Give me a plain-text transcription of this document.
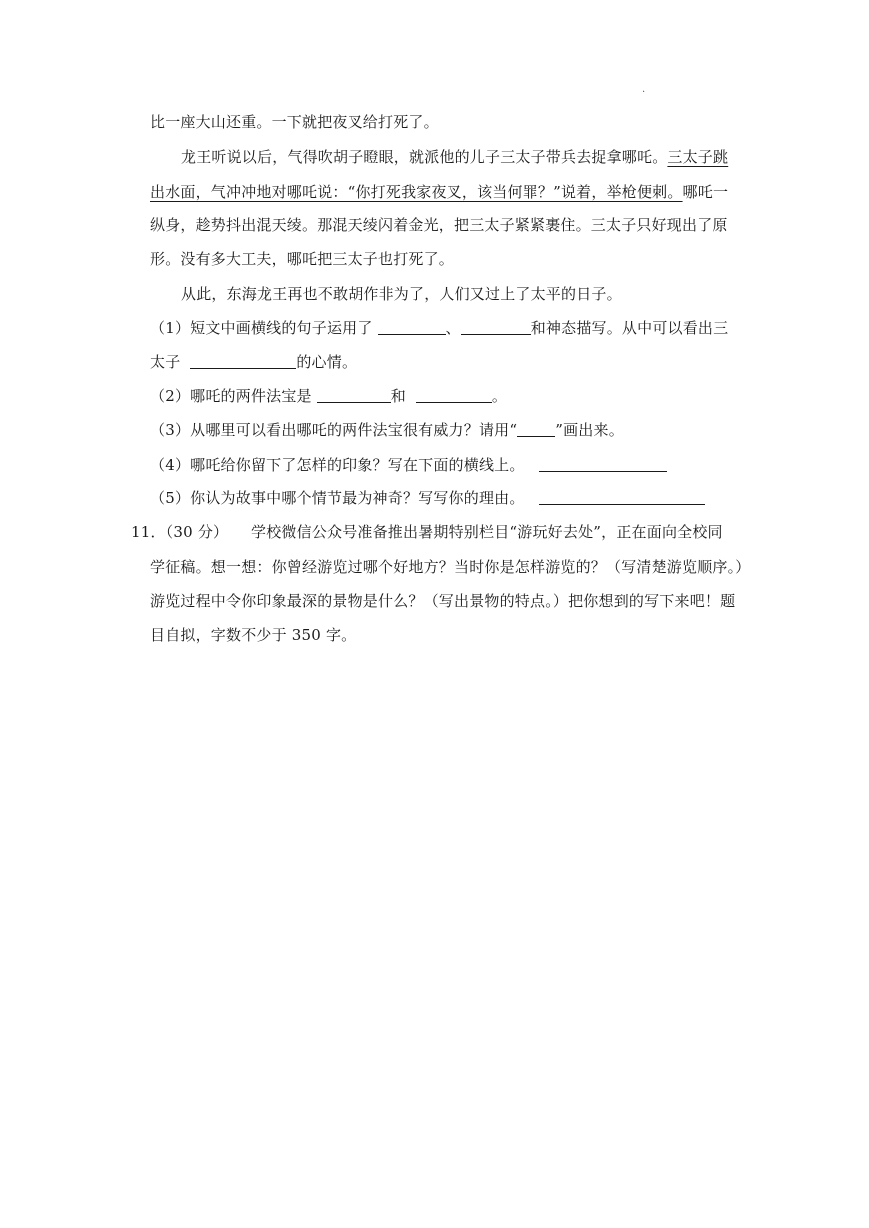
.
比一座大山还重。一下就把夜叉给打死了。
龙王听说以后，气得吹胡子瞪眼，就派他的儿子三太子带兵去捉拿哪吒。三太子跳
出水面，气冲冲地对哪吒说：“你打死我家夜叉，该当何罪？”说着，举枪便刺。哪吒一
纵身，趁势抖出混天绫。那混天绫闪着金光，把三太子紧紧裹住。三太子只好现出了原
形。没有多大工夫，哪吒把三太子也打死了。
从此，东海龙王再也不敢胡作非为了，人们又过上了太平的日子。
（1）短文中画横线的句子运用了	、	和神态描写。从中可以看出三
太子	的心情。
（2）哪吒的两件法宝是	和	。
（3）从哪里可以看出哪吒的两件法宝很有威力？请用“	”画出来。
（4）哪吒给你留下了怎样的印象？写在下面的横线上。
（5）你认为故事中哪个情节最为神奇？写写你的理由。
11．（30 分） 学校微信公众号准备推出暑期特别栏目“游玩好去处”，正在面向全校同
学征稿。想一想：你曾经游览过哪个好地方？当时你是怎样游览的？（写清楚游览顺序。）
游览过程中令你印象最深的景物是什么？（写出景物的特点。）把你想到的写下来吧！题
目自拟，字数不少于 350 字。
